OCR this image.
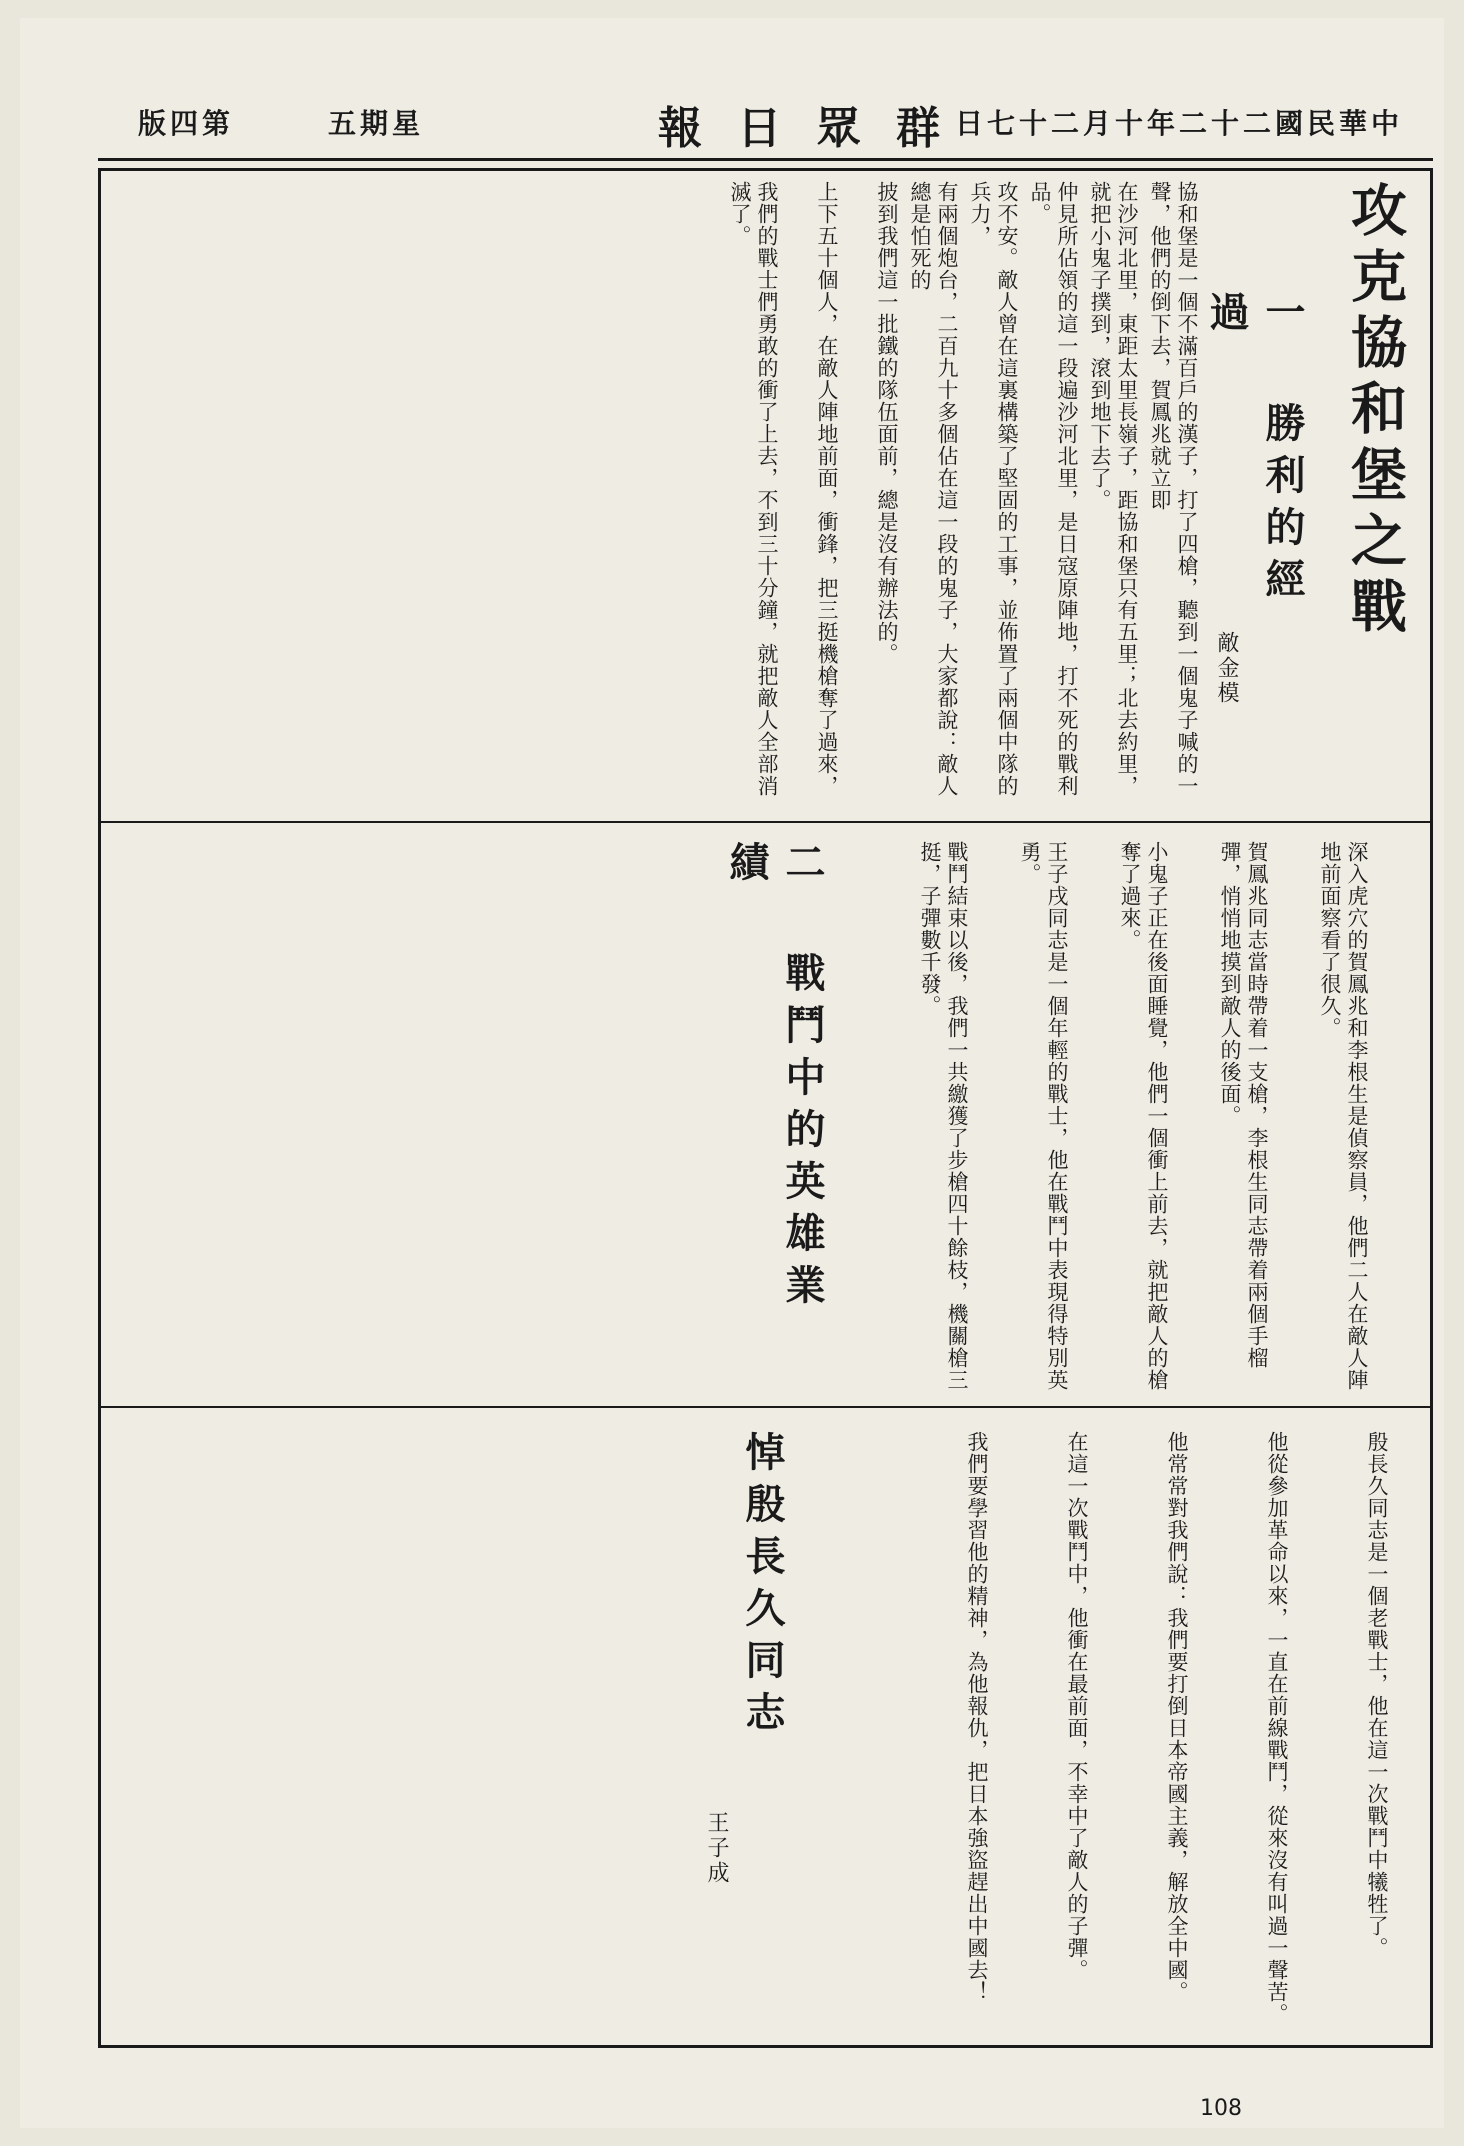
版四第	五期星	報 日 眾 群 日七十二月十年二十二國民華中
攻克協和堡之戰
一 勝利的經過
敵金模
協和堡是一個不滿百戶的漢子，打了四槍，聽到一個鬼子喊的一聲，他們的倒下去，賀鳳兆就立即
在沙河北里，東距太里長嶺子，距協和堡只有五里；北去約里，就把小鬼子撲到，滾到地下去了。
仲見所佔領的這一段遍沙河北里，是日寇原陣地，打不死的戰利品。
攻不安。敵人曾在這裏構築了堅固的工事，並佈置了兩個中隊的兵力，
有兩個炮台，二百九十多個佔在這一段的鬼子，大家都說：敵人總是怕死的
披到我們這一批鐵的隊伍面前，總是沒有辦法的。
上下五十個人，在敵人陣地前面，衝鋒，把三挺機槍奪了過來，
我們的戰士們勇敢的衝了上去，不到三十分鐘，就把敵人全部消滅了。
二 戰鬥中的英雄業績	深入虎穴的賀鳳兆和李根生是偵察員，他們二人在敵人陣地前面察看了很久。
賀鳳兆同志當時帶着一支槍，李根生同志帶着兩個手榴彈，悄悄地摸到敵人的後面。
小鬼子正在後面睡覺，他們一個衝上前去，就把敵人的槍奪了過來。
王子戌同志是一個年輕的戰士，他在戰鬥中表現得特別英勇。
戰鬥結束以後，我們一共繳獲了步槍四十餘枝，機關槍三挺，子彈數千發。
悼殷長久同志
王子成	殷長久同志是一個老戰士，他在這一次戰鬥中犧牲了。
他從參加革命以來，一直在前線戰鬥，從來沒有叫過一聲苦。
他常常對我們說：我們要打倒日本帝國主義，解放全中國。
在這一次戰鬥中，他衝在最前面，不幸中了敵人的子彈。
我們要學習他的精神，為他報仇，把日本強盜趕出中國去！
108
